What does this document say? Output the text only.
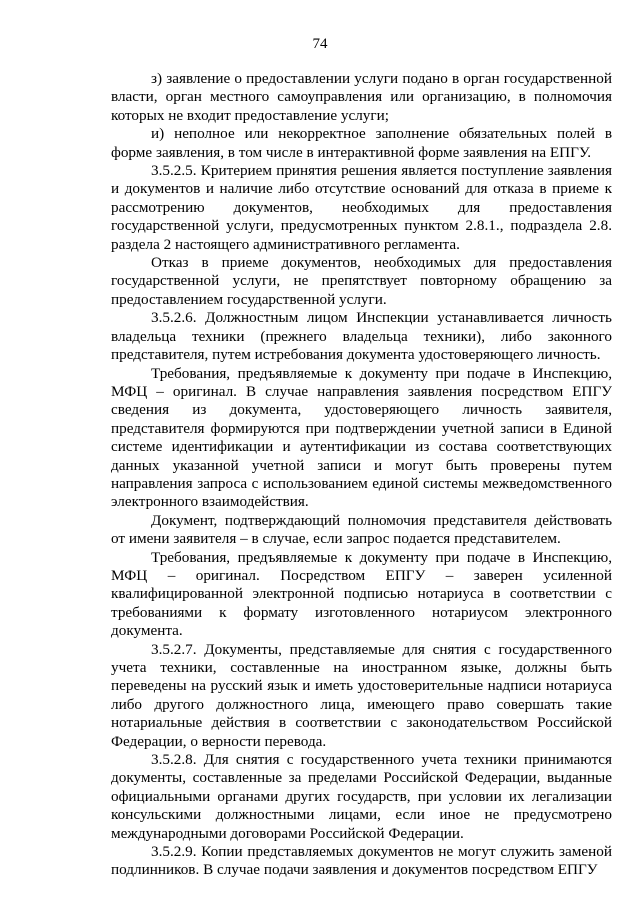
74

з) заявление о предоставлении услуги подано в орган государственной власти, орган местного самоуправления или организацию, в полномочия которых не входит предоставление услуги;

и) неполное или некорректное заполнение обязательных полей в форме заявления, в том числе в интерактивной форме заявления на ЕПГУ.

3.5.2.5. Критерием принятия решения является поступление заявления и документов и наличие либо отсутствие оснований для отказа в приеме к рассмотрению документов, необходимых для предоставления государственной услуги, предусмотренных пунктом 2.8.1., подраздела 2.8. раздела 2 настоящего административного регламента.

Отказ в приеме документов, необходимых для предоставления государственной услуги, не препятствует повторному обращению за предоставлением государственной услуги.

3.5.2.6. Должностным лицом Инспекции устанавливается личность владельца техники (прежнего владельца техники), либо законного представителя, путем истребования документа удостоверяющего личность.

Требования, предъявляемые к документу при подаче в Инспекцию, МФЦ – оригинал. В случае направления заявления посредством ЕПГУ сведения из документа, удостоверяющего личность заявителя, представителя формируются при подтверждении учетной записи в Единой системе идентификации и аутентификации из состава соответствующих данных указанной учетной записи и могут быть проверены путем направления запроса с использованием единой системы межведомственного электронного взаимодействия.

Документ, подтверждающий полномочия представителя действовать от имени заявителя – в случае, если запрос подается представителем.

Требования, предъявляемые к документу при подаче в Инспекцию, МФЦ – оригинал. Посредством ЕПГУ – заверен усиленной квалифицированной электронной подписью нотариуса в соответствии с требованиями к формату изготовленного нотариусом электронного документа.

3.5.2.7. Документы, представляемые для снятия с государственного учета техники, составленные на иностранном языке, должны быть переведены на русский язык и иметь удостоверительные надписи нотариуса либо другого должностного лица, имеющего право совершать такие нотариальные действия в соответствии с законодательством Российской Федерации, о верности перевода.

3.5.2.8. Для снятия с государственного учета техники принимаются документы, составленные за пределами Российской Федерации, выданные официальными органами других государств, при условии их легализации консульскими должностными лицами, если иное не предусмотрено международными договорами Российской Федерации.

3.5.2.9. Копии представляемых документов не могут служить заменой подлинников. В случае подачи заявления и документов посредством ЕПГУ
